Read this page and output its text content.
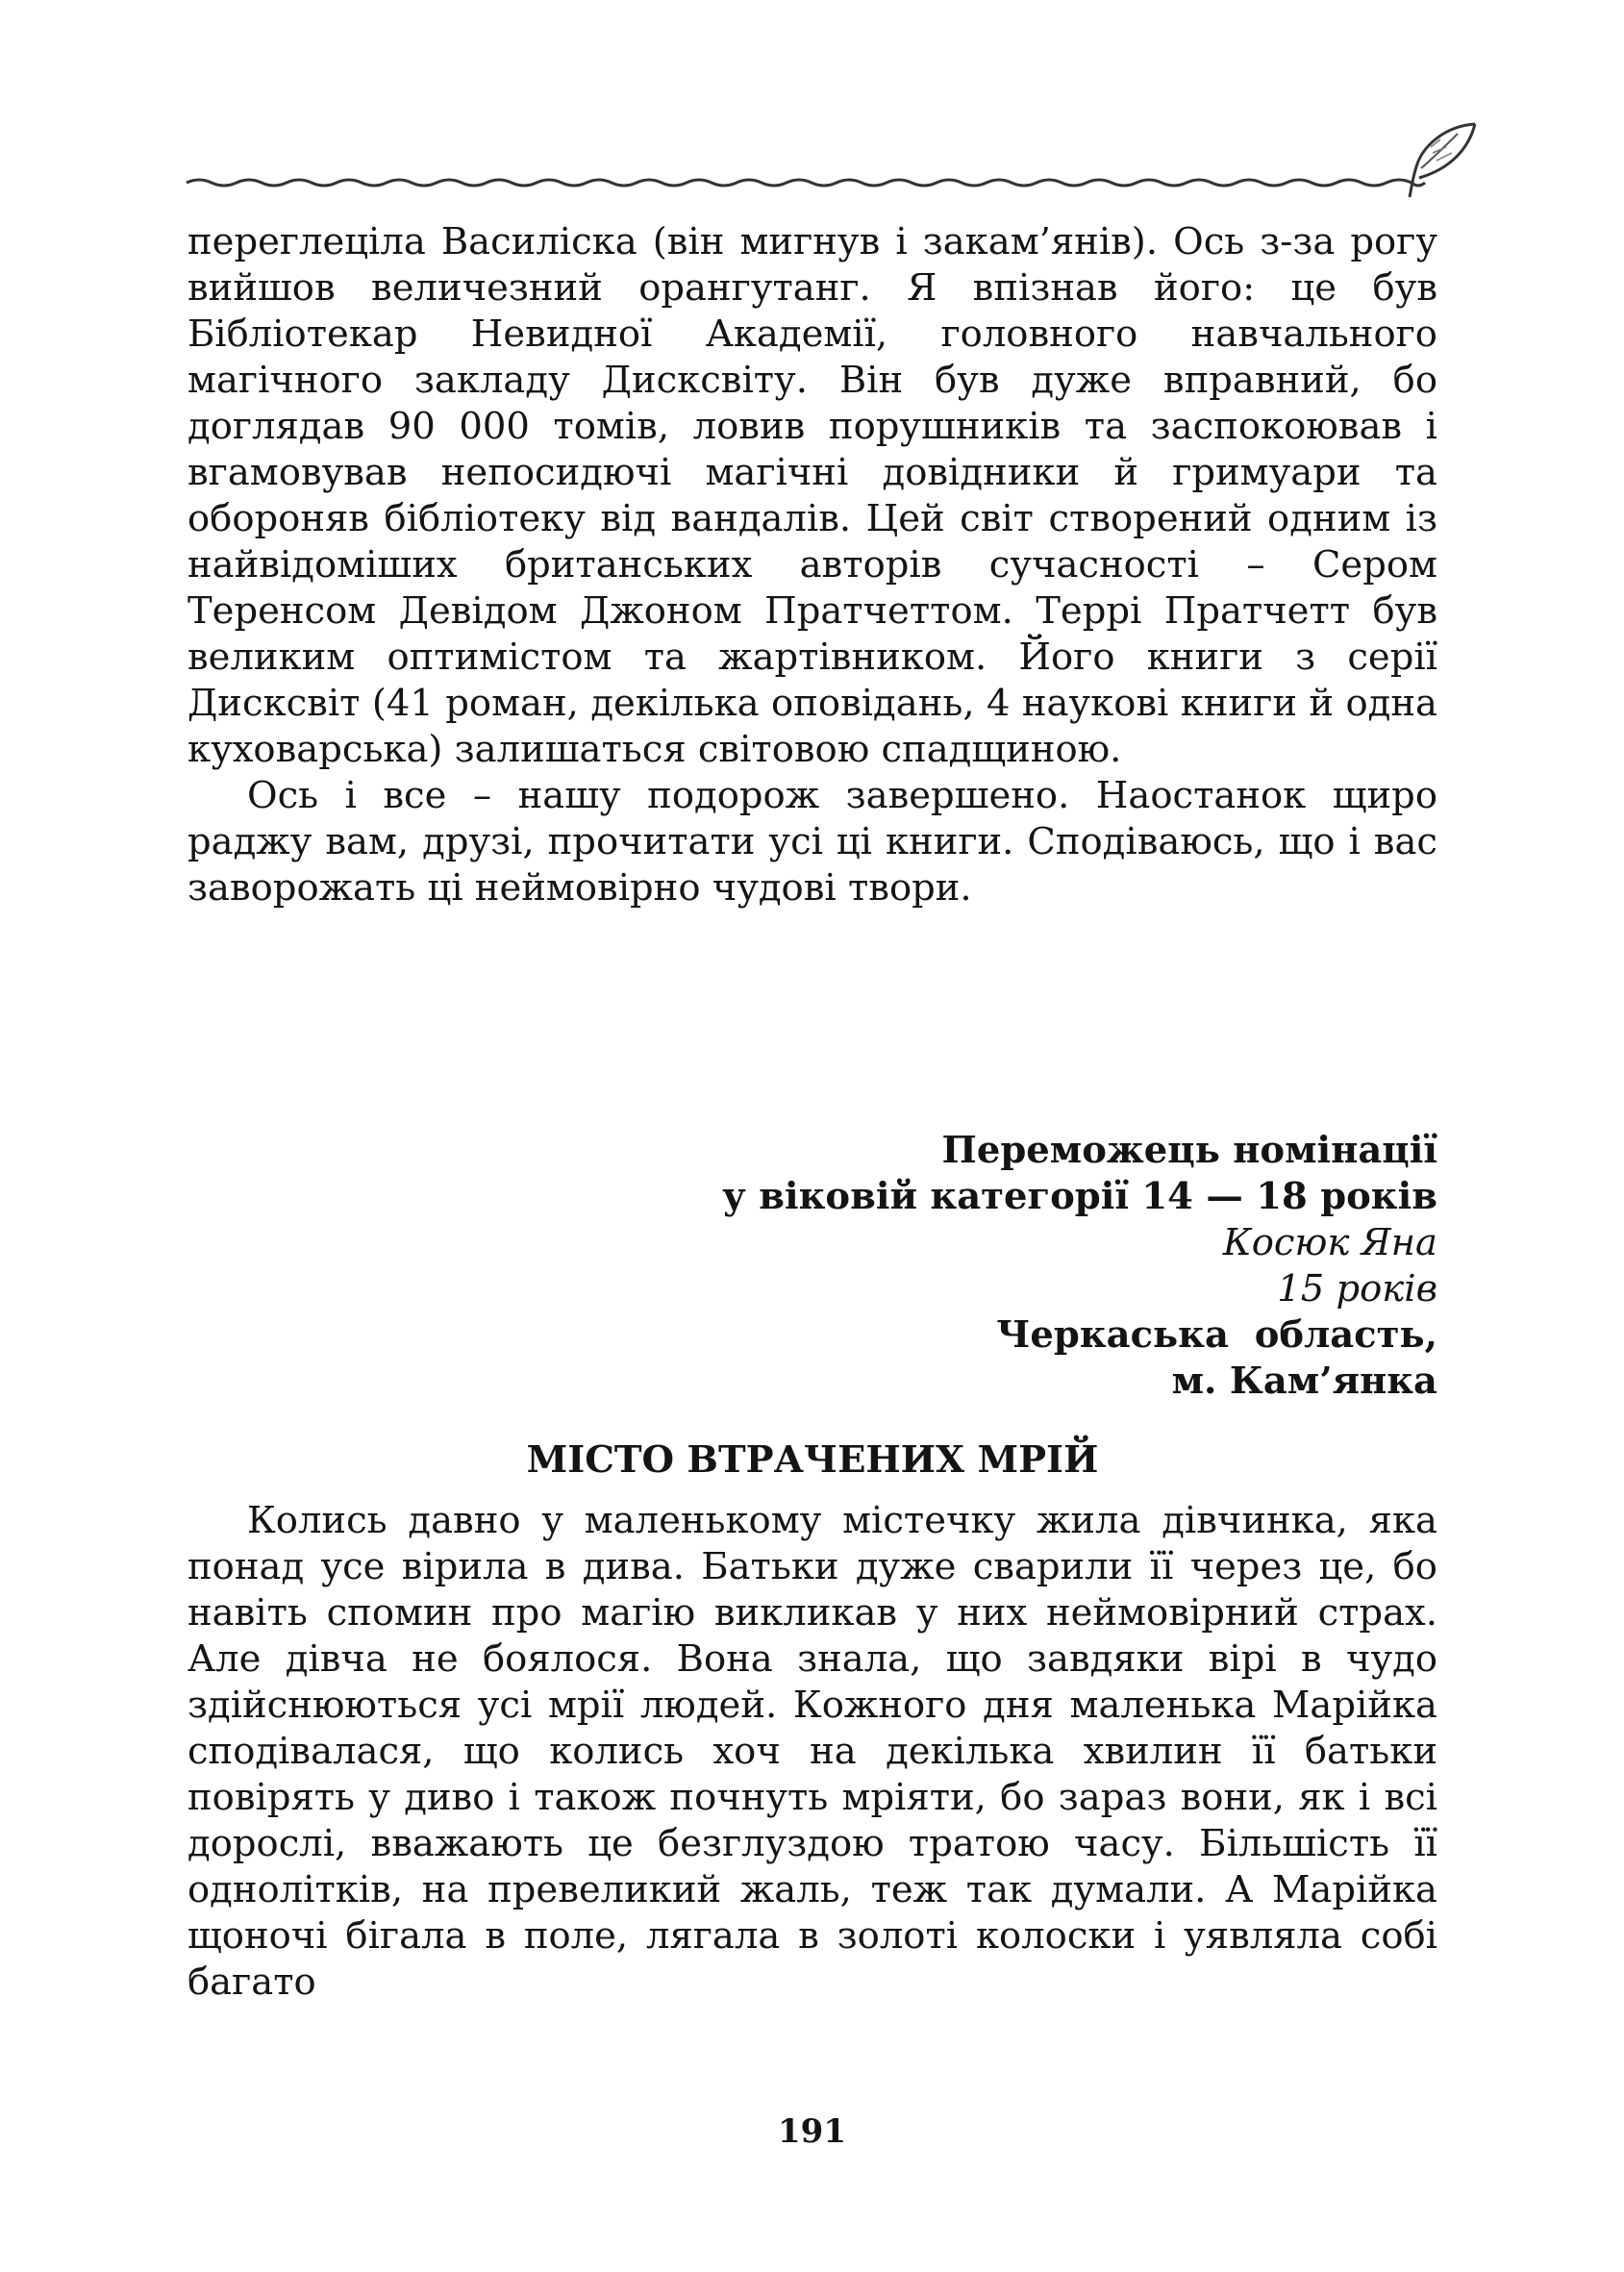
переглеціла Василіска (він мигнув і закам’янів). Ось з-за рогу вийшов величезний орангутанг. Я впізнав його: це був Бібліотекар Невидної Академії, головного навчального магічного закладу Дисксвіту. Він був дуже вправний, бо доглядав 90 000 томів, ловив порушників та заспокоював і вгамовував непосидючі магічні довідники й гримуари та обороняв бібліотеку від вандалів. Цей світ створений одним із найвідоміших британських авторів сучасності – Сером Теренсом Девідом Джоном Пратчеттом. Террі Пратчетт був великим оптимістом та жартівником. Його книги з серії Дисксвіт (41 роман, декілька оповідань, 4 наукові книги й одна куховарська) залишаться світовою спадщиною.

Ось і все – нашу подорож завершено. Наостанок щиро раджу вам, друзі, прочитати усі ці книги. Сподіваюсь, що і вас заворожать ці неймовірно чудові твори.

Переможець номінації
у віковій категорії 14 — 18 років
Косюк Яна
15 років
Черкаська  область,
м. Кам’янка
МІСТО ВТРАЧЕНИХ МРІЙ

Колись давно у маленькому містечку жила дівчинка, яка понад усе вірила в дива. Батьки дуже сварили її через це, бо навіть спомин про магію викликав у них неймовірний страх. Але дівча не боялося. Вона знала, що завдяки вірі в чудо здійснюються усі мрії людей. Кожного дня маленька Марійка сподівалася, що колись хоч на декілька хвилин її батьки повірять у диво і також почнуть мріяти, бо зараз вони, як і всі дорослі, вважають це безглуздою тратою часу. Більшість її однолітків, на превеликий жаль, теж так думали. А Марійка щоночі бігала в поле, лягала в золоті колоски і уявляла собі багато

191
